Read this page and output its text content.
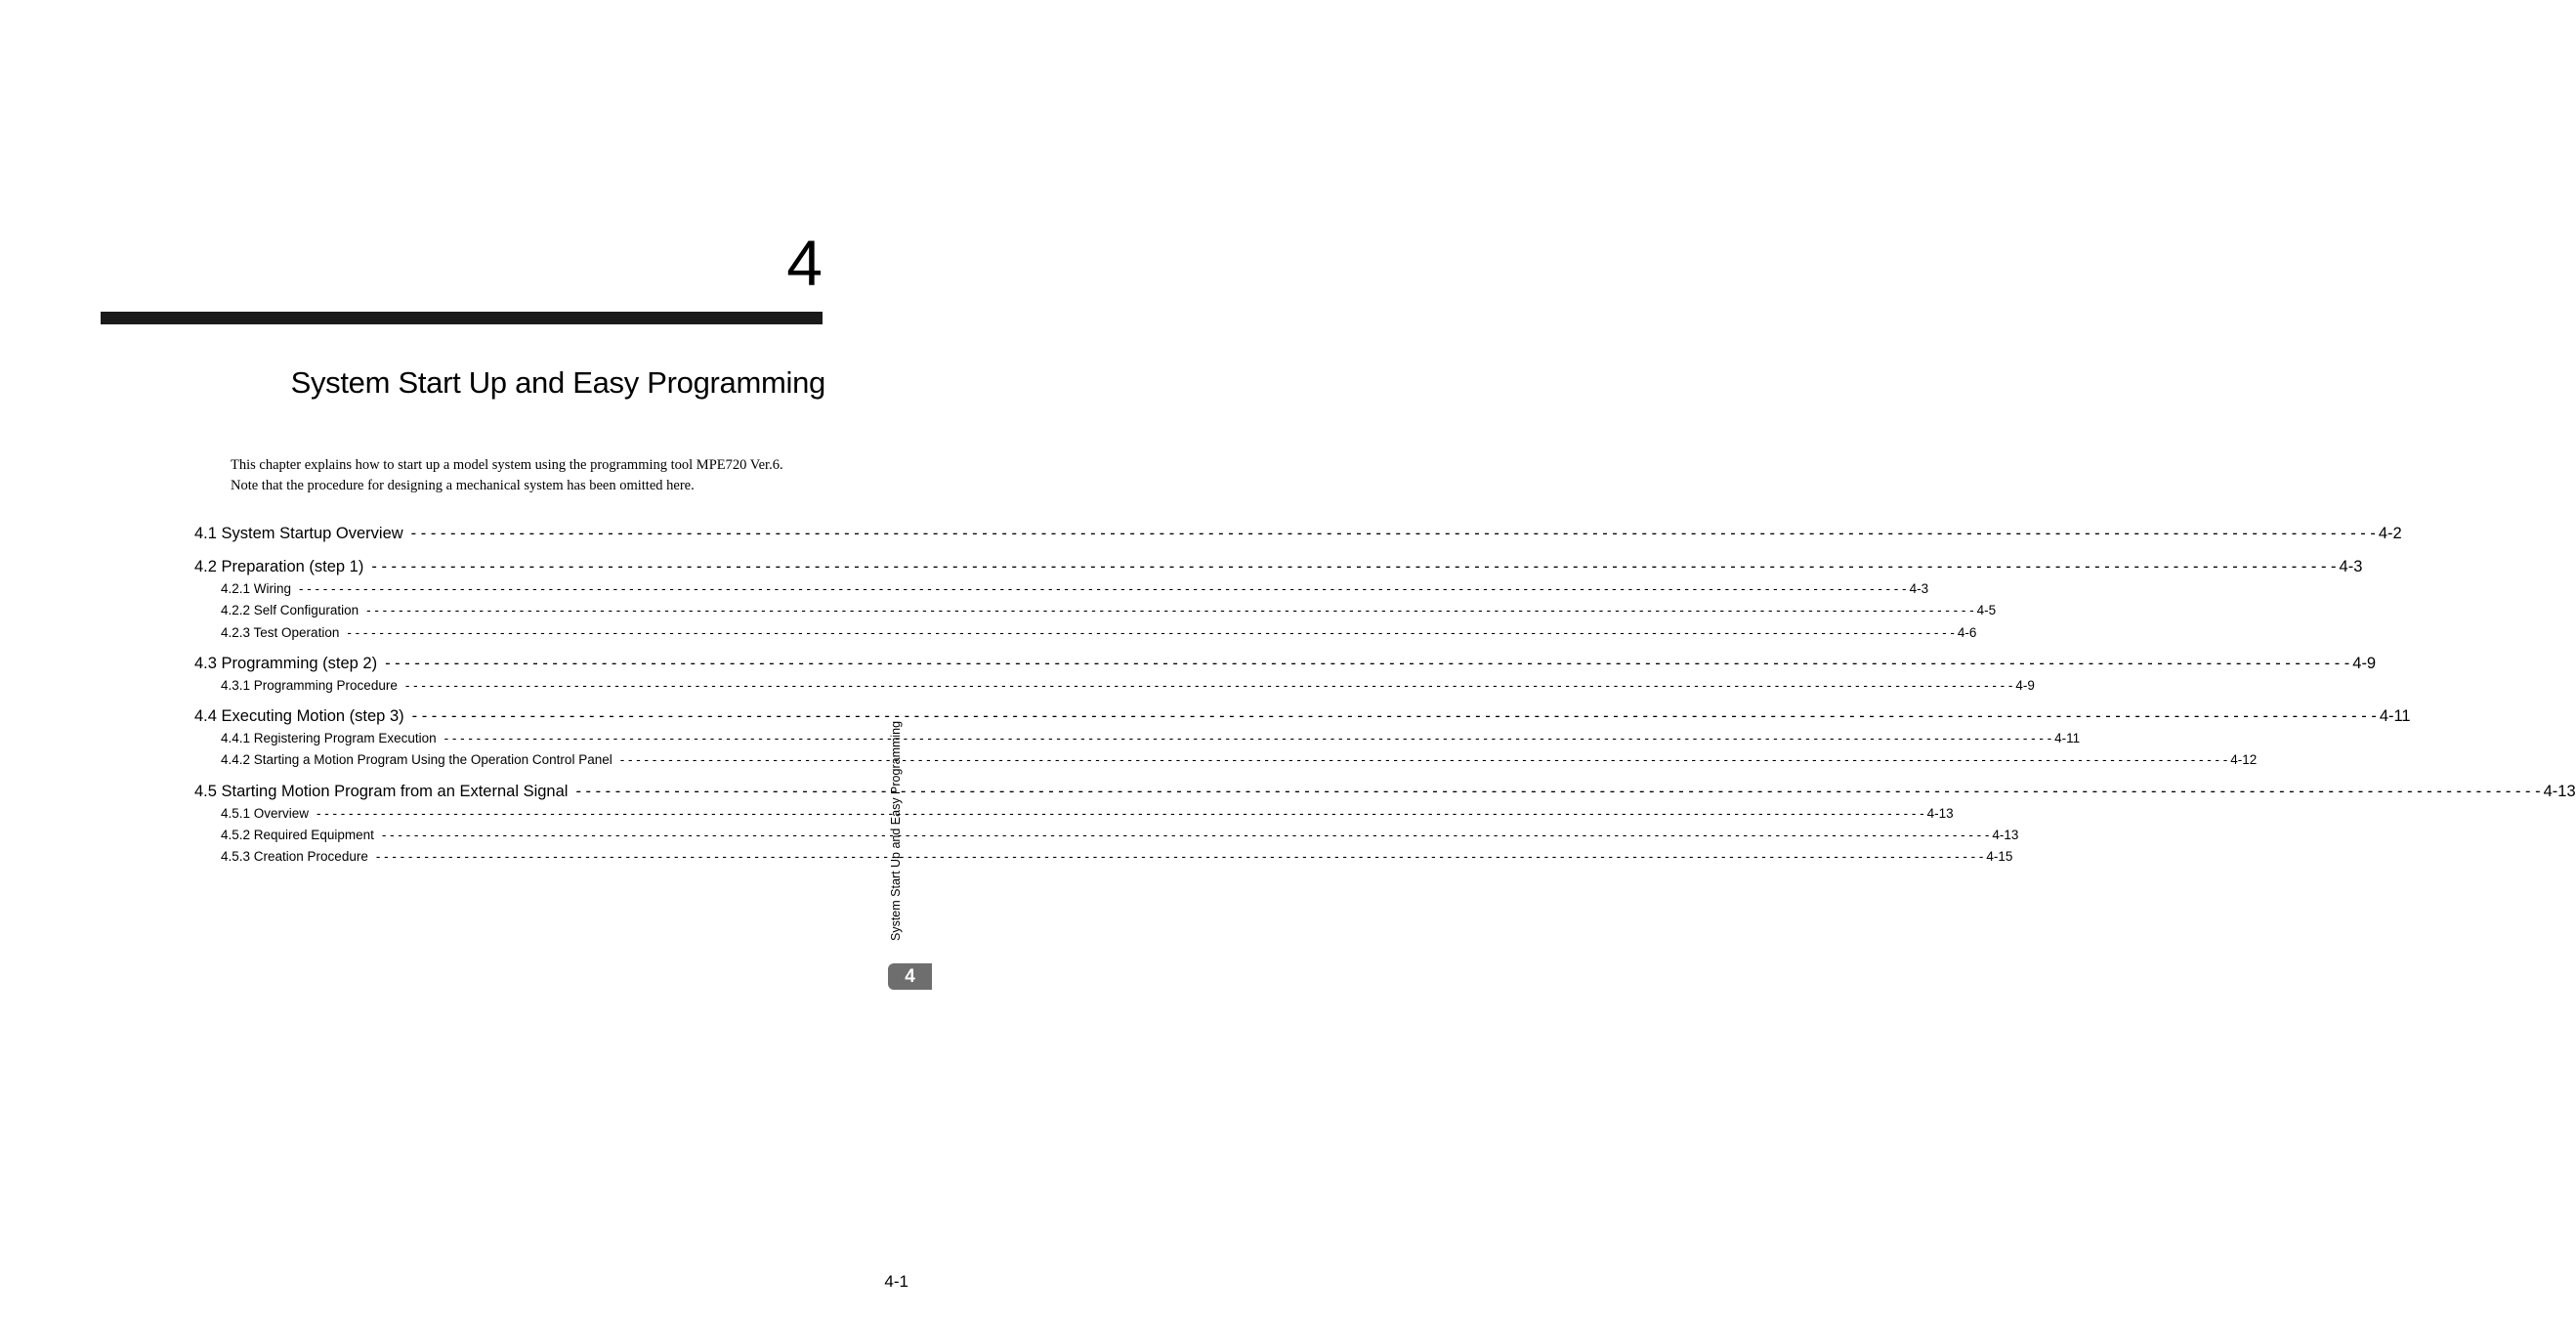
4
System Start Up and Easy Programming

This chapter explains how to start up a model system using the programming tool MPE720 Ver.6.

Note that the procedure for designing a mechanical system has been omitted here.

4.1 System Startup Overview - - - - - - - - - - - - - - - - - - - - - - - - - - - - - - - - - - - - - - - - - - - - - - - - - - - - - - - - - - - - - - - - - - - - - - - - - - - - - - - - - - - - - - - - - - - - - - - - - - - - - - - - - - - - - - - - - - - - - - - - - - - - - - - - - - - - - - - - - - - - - - - - - - - - - - - - - - - - - - - - - - - - - - - - - - - - - - - - - - - - - - - - - - - - - - - - - - - - - - - - 4-2
4.2 Preparation (step 1) - - - - - - - - - - - - - - - - - - - - - - - - - - - - - - - - - - - - - - - - - - - - - - - - - - - - - - - - - - - - - - - - - - - - - - - - - - - - - - - - - - - - - - - - - - - - - - - - - - - - - - - - - - - - - - - - - - - - - - - - - - - - - - - - - - - - - - - - - - - - - - - - - - - - - - - - - - - - - - - - - - - - - - - - - - - - - - - - - - - - - - - - - - - - - - - - - - - - - - - - 4-3
4.2.1 Wiring - - - - - - - - - - - - - - - - - - - - - - - - - - - - - - - - - - - - - - - - - - - - - - - - - - - - - - - - - - - - - - - - - - - - - - - - - - - - - - - - - - - - - - - - - - - - - - - - - - - - - - - - - - - - - - - - - - - - - - - - - - - - - - - - - - - - - - - - - - - - - - - - - - - - - - - - - - - - - - - - - - - - - - - - - - - - - - - - - - - - - - - - - - - - - - - - - - - - - - - - 4-3
4.2.2 Self Configuration - - - - - - - - - - - - - - - - - - - - - - - - - - - - - - - - - - - - - - - - - - - - - - - - - - - - - - - - - - - - - - - - - - - - - - - - - - - - - - - - - - - - - - - - - - - - - - - - - - - - - - - - - - - - - - - - - - - - - - - - - - - - - - - - - - - - - - - - - - - - - - - - - - - - - - - - - - - - - - - - - - - - - - - - - - - - - - - - - - - - - - - - - - - - - - - - - - - - - - - - 4-5
4.2.3 Test Operation - - - - - - - - - - - - - - - - - - - - - - - - - - - - - - - - - - - - - - - - - - - - - - - - - - - - - - - - - - - - - - - - - - - - - - - - - - - - - - - - - - - - - - - - - - - - - - - - - - - - - - - - - - - - - - - - - - - - - - - - - - - - - - - - - - - - - - - - - - - - - - - - - - - - - - - - - - - - - - - - - - - - - - - - - - - - - - - - - - - - - - - - - - - - - - - - - - - - - - - - 4-6
4.3 Programming (step 2) - - - - - - - - - - - - - - - - - - - - - - - - - - - - - - - - - - - - - - - - - - - - - - - - - - - - - - - - - - - - - - - - - - - - - - - - - - - - - - - - - - - - - - - - - - - - - - - - - - - - - - - - - - - - - - - - - - - - - - - - - - - - - - - - - - - - - - - - - - - - - - - - - - - - - - - - - - - - - - - - - - - - - - - - - - - - - - - - - - - - - - - - - - - - - - - - - - - - - - - - 4-9
4.3.1 Programming Procedure - - - - - - - - - - - - - - - - - - - - - - - - - - - - - - - - - - - - - - - - - - - - - - - - - - - - - - - - - - - - - - - - - - - - - - - - - - - - - - - - - - - - - - - - - - - - - - - - - - - - - - - - - - - - - - - - - - - - - - - - - - - - - - - - - - - - - - - - - - - - - - - - - - - - - - - - - - - - - - - - - - - - - - - - - - - - - - - - - - - - - - - - - - - - - - - - - - - - - - - - 4-9
4.4 Executing Motion (step 3) - - - - - - - - - - - - - - - - - - - - - - - - - - - - - - - - - - - - - - - - - - - - - - - - - - - - - - - - - - - - - - - - - - - - - - - - - - - - - - - - - - - - - - - - - - - - - - - - - - - - - - - - - - - - - - - - - - - - - - - - - - - - - - - - - - - - - - - - - - - - - - - - - - - - - - - - - - - - - - - - - - - - - - - - - - - - - - - - - - - - - - - - - - - - - - - - - - - - - - - - 4-11
4.4.1 Registering Program Execution - - - - - - - - - - - - - - - - - - - - - - - - - - - - - - - - - - - - - - - - - - - - - - - - - - - - - - - - - - - - - - - - - - - - - - - - - - - - - - - - - - - - - - - - - - - - - - - - - - - - - - - - - - - - - - - - - - - - - - - - - - - - - - - - - - - - - - - - - - - - - - - - - - - - - - - - - - - - - - - - - - - - - - - - - - - - - - - - - - - - - - - - - - - - - - - - - - - - - - - - 4-11
4.4.2 Starting a Motion Program Using the Operation Control Panel - - - - - - - - - - - - - - - - - - - - - - - - - - - - - - - - - - - - - - - - - - - - - - - - - - - - - - - - - - - - - - - - - - - - - - - - - - - - - - - - - - - - - - - - - - - - - - - - - - - - - - - - - - - - - - - - - - - - - - - - - - - - - - - - - - - - - - - - - - - - - - - - - - - - - - - - - - - - - - - - - - - - - - - - - - - - - - - - - - - - - - - - - - - - - - - - - - - - - - - - 4-12
4.5 Starting Motion Program from an External Signal - - - - - - - - - - - - - - - - - - - - - - - - - - - - - - - - - - - - - - - - - - - - - - - - - - - - - - - - - - - - - - - - - - - - - - - - - - - - - - - - - - - - - - - - - - - - - - - - - - - - - - - - - - - - - - - - - - - - - - - - - - - - - - - - - - - - - - - - - - - - - - - - - - - - - - - - - - - - - - - - - - - - - - - - - - - - - - - - - - - - - - - - - - - - - - - - - - - - - - - - 4-13
4.5.1 Overview - - - - - - - - - - - - - - - - - - - - - - - - - - - - - - - - - - - - - - - - - - - - - - - - - - - - - - - - - - - - - - - - - - - - - - - - - - - - - - - - - - - - - - - - - - - - - - - - - - - - - - - - - - - - - - - - - - - - - - - - - - - - - - - - - - - - - - - - - - - - - - - - - - - - - - - - - - - - - - - - - - - - - - - - - - - - - - - - - - - - - - - - - - - - - - - - - - - - - - - - 4-13
4.5.2 Required Equipment - - - - - - - - - - - - - - - - - - - - - - - - - - - - - - - - - - - - - - - - - - - - - - - - - - - - - - - - - - - - - - - - - - - - - - - - - - - - - - - - - - - - - - - - - - - - - - - - - - - - - - - - - - - - - - - - - - - - - - - - - - - - - - - - - - - - - - - - - - - - - - - - - - - - - - - - - - - - - - - - - - - - - - - - - - - - - - - - - - - - - - - - - - - - - - - - - - - - - - - - 4-13
4.5.3 Creation Procedure - - - - - - - - - - - - - - - - - - - - - - - - - - - - - - - - - - - - - - - - - - - - - - - - - - - - - - - - - - - - - - - - - - - - - - - - - - - - - - - - - - - - - - - - - - - - - - - - - - - - - - - - - - - - - - - - - - - - - - - - - - - - - - - - - - - - - - - - - - - - - - - - - - - - - - - - - - - - - - - - - - - - - - - - - - - - - - - - - - - - - - - - - - - - - - - - - - - - - - - - 4-15
System Start Up and Easy Programming
4
4-1
